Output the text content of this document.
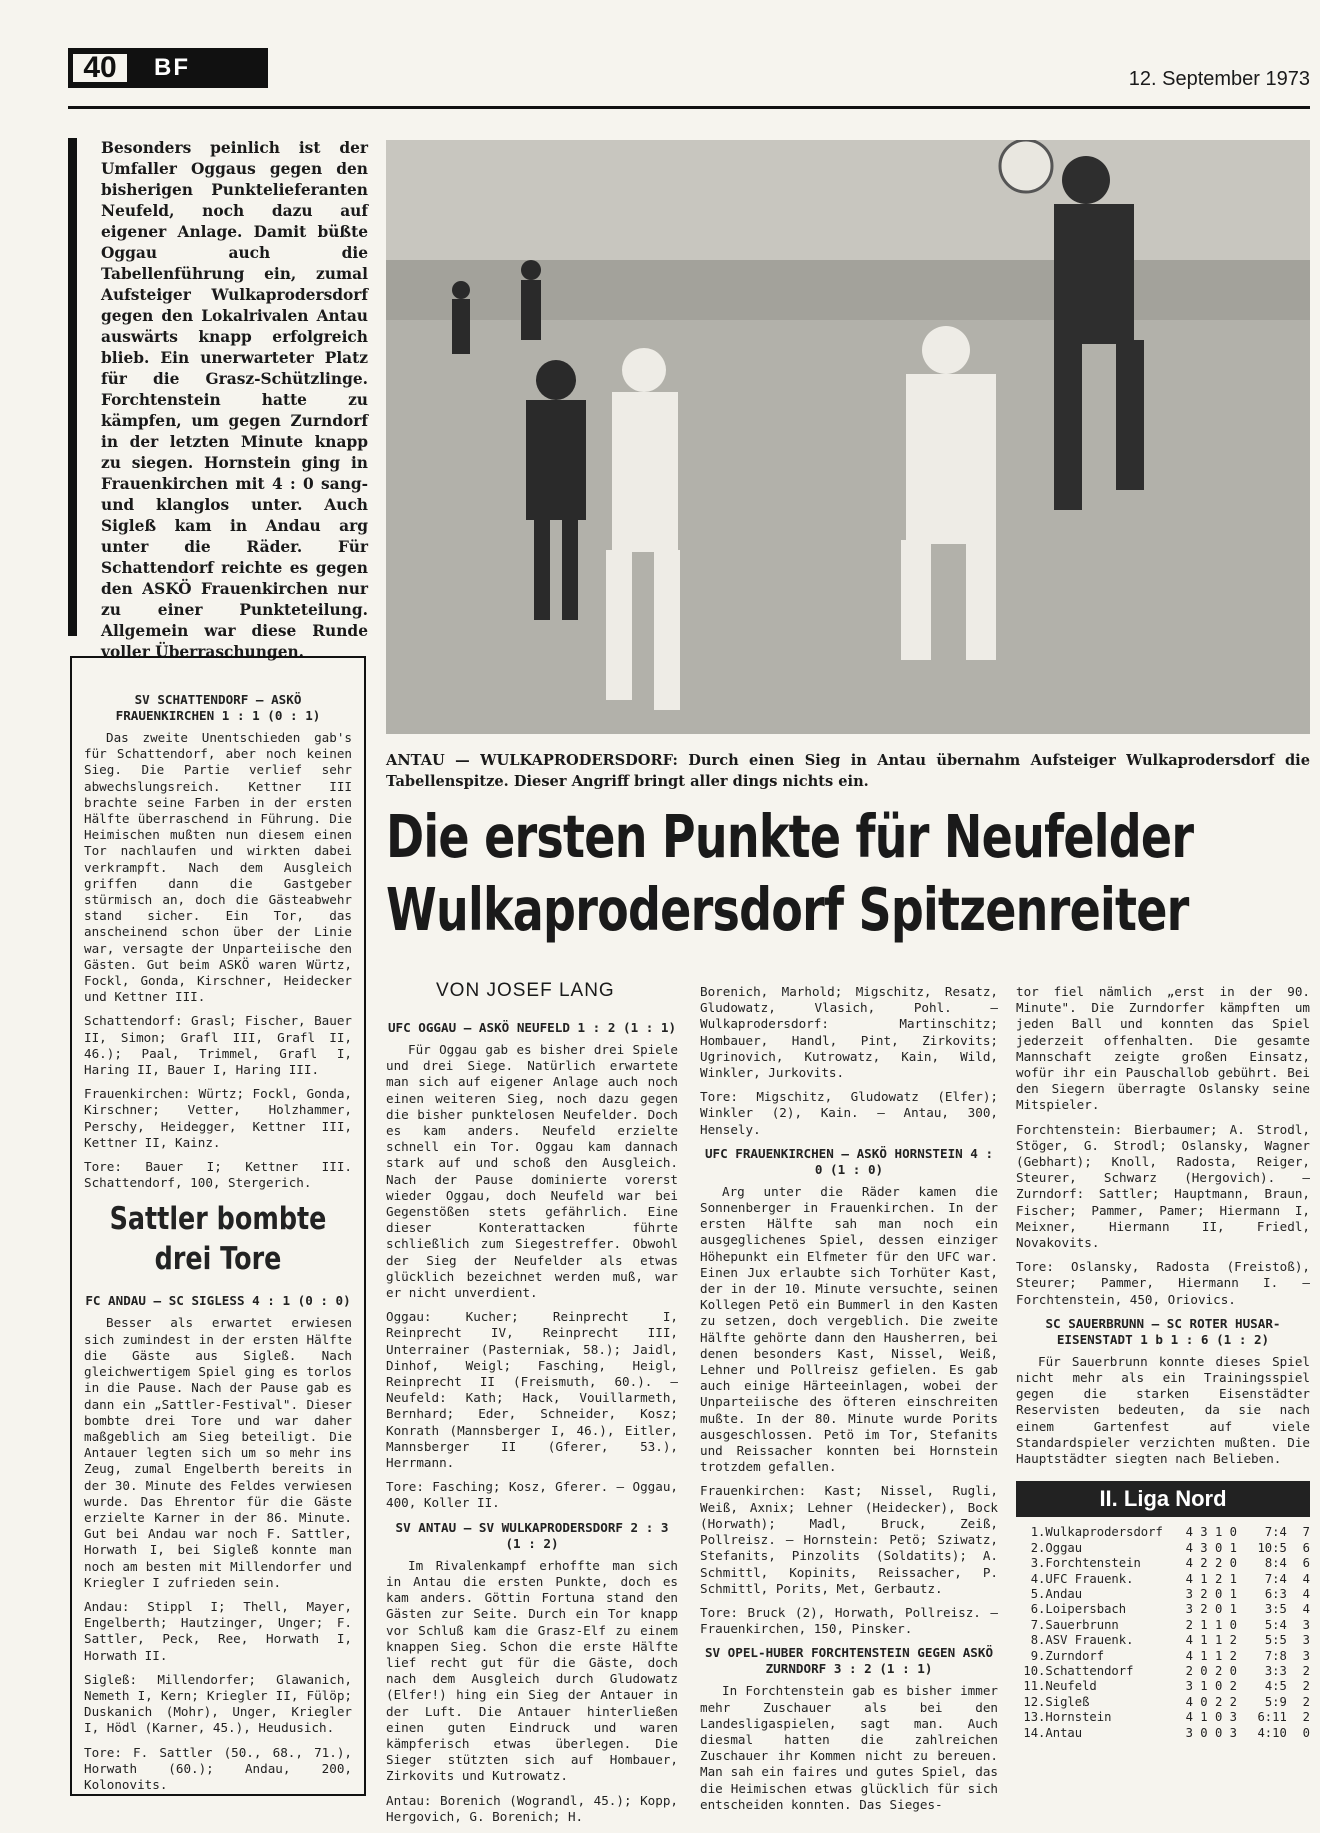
40	BF	12. September 1973
Besonders peinlich ist der Umfaller Oggaus gegen den bisherigen Punktelieferanten Neufeld, noch dazu auf eigener Anlage. Damit büßte Oggau auch die Tabellenführung ein, zumal Aufsteiger Wulkaprodersdorf gegen den Lokalrivalen Antau auswärts knapp erfolgreich blieb. Ein unerwarteter Platz für die Grasz-Schützlinge. Forchtenstein hatte zu kämpfen, um gegen Zurndorf in der letzten Minute knapp zu siegen. Hornstein ging in Frauenkirchen mit 4 : 0 sang- und klanglos unter. Auch Sigleß kam in Andau arg unter die Räder. Für Schattendorf reichte es gegen den ASKÖ Frauenkirchen nur zu einer Punkteteilung. Allgemein war diese Runde voller Überraschungen.
ANTAU — WULKAPRODERSDORF: Durch einen Sieg in Antau übernahm Aufsteiger Wulkaprodersdorf die Tabellenspitze. Dieser Angriff bringt aller dings nichts ein.
Die ersten Punkte für Neufelder
Wulkaprodersdorf Spitzenreiter
VON JOSEF LANG
SV SCHATTENDORF — ASKÖ FRAUENKIRCHEN 1 : 1 (0 : 1)

Das zweite Unentschieden gab's für Schattendorf, aber noch keinen Sieg. Die Partie verlief sehr abwechslungsreich. Kettner III brachte seine Farben in der ersten Hälfte überraschend in Führung. Die Heimischen mußten nun diesem einen Tor nachlaufen und wirkten dabei verkrampft. Nach dem Ausgleich griffen dann die Gastgeber stürmisch an, doch die Gästeabwehr stand sicher. Ein Tor, das anscheinend schon über der Linie war, versagte der Unparteiische den Gästen. Gut beim ASKÖ waren Würtz, Fockl, Gonda, Kirschner, Heidecker und Kettner III.

Schattendorf: Grasl; Fischer, Bauer II, Simon; Grafl III, Grafl II, 46.); Paal, Trimmel, Grafl I, Haring II, Bauer I, Haring III.

Frauenkirchen: Würtz; Fockl, Gonda, Kirschner; Vetter, Holzhammer, Perschy, Heidegger, Kettner III, Kettner II, Kainz.

Tore: Bauer I; Kettner III. Schattendorf, 100, Stergerich.

Sattler bombte drei Tore
FC ANDAU — SC SIGLESS 4 : 1 (0 : 0)

Besser als erwartet erwiesen sich zumindest in der ersten Hälfte die Gäste aus Sigleß. Nach gleichwertigem Spiel ging es torlos in die Pause. Nach der Pause gab es dann ein „Sattler-Festival". Dieser bombte drei Tore und war daher maßgeblich am Sieg beteiligt. Die Antauer legten sich um so mehr ins Zeug, zumal Engelberth bereits in der 30. Minute des Feldes verwiesen wurde. Das Ehrentor für die Gäste erzielte Karner in der 86. Minute. Gut bei Andau war noch F. Sattler, Horwath I, bei Sigleß konnte man noch am besten mit Millendorfer und Kriegler I zufrieden sein.

Andau: Stippl I; Thell, Mayer, Engelberth; Hautzinger, Unger; F. Sattler, Peck, Ree, Horwath I, Horwath II.

Sigleß: Millendorfer; Glawanich, Nemeth I, Kern; Kriegler II, Fülöp; Duskanich (Mohr), Unger, Kriegler I, Hödl (Karner, 45.), Heudusich.

Tore: F. Sattler (50., 68., 71.), Horwath (60.); Andau, 200, Kolonovits.

UFC OGGAU — ASKÖ NEUFELD 1 : 2 (1 : 1)

Für Oggau gab es bisher drei Spiele und drei Siege. Natürlich erwartete man sich auf eigener Anlage auch noch einen weiteren Sieg, noch dazu gegen die bisher punktelosen Neufelder. Doch es kam anders. Neufeld erzielte schnell ein Tor. Oggau kam dannach stark auf und schoß den Ausgleich. Nach der Pause dominierte vorerst wieder Oggau, doch Neufeld war bei Gegenstößen stets gefährlich. Eine dieser Konterattacken führte schließlich zum Siegestreffer. Obwohl der Sieg der Neufelder als etwas glücklich bezeichnet werden muß, war er nicht unverdient.

Oggau: Kucher; Reinprecht I, Reinprecht IV, Reinprecht III, Unterrainer (Pasterniak, 58.); Jaidl, Dinhof, Weigl; Fasching, Heigl, Reinprecht II (Freismuth, 60.). — Neufeld: Kath; Hack, Vouillarmeth, Bernhard; Eder, Schneider, Kosz; Konrath (Mannsberger I, 46.), Eitler, Mannsberger II (Gferer, 53.), Herrmann.

Tore: Fasching; Kosz, Gferer. — Oggau, 400, Koller II.

SV ANTAU — SV WULKAPRODERSDORF 2 : 3 (1 : 2)

Im Rivalenkampf erhoffte man sich in Antau die ersten Punkte, doch es kam anders. Göttin Fortuna stand den Gästen zur Seite. Durch ein Tor knapp vor Schluß kam die Grasz-Elf zu einem knappen Sieg. Schon die erste Hälfte lief recht gut für die Gäste, doch nach dem Ausgleich durch Gludowatz (Elfer!) hing ein Sieg der Antauer in der Luft. Die Antauer hinterließen einen guten Eindruck und waren kämpferisch etwas überlegen. Die Sieger stützten sich auf Hombauer, Zirkovits und Kutrowatz.

Antau: Borenich (Wograndl, 45.); Kopp, Hergovich, G. Borenich; H.

Borenich, Marhold; Migschitz, Resatz, Gludowatz, Vlasich, Pohl. — Wulkaprodersdorf: Martinschitz; Hombauer, Handl, Pint, Zirkovits; Ugrinovich, Kutrowatz, Kain, Wild, Winkler, Jurkovits.

Tore: Migschitz, Gludowatz (Elfer); Winkler (2), Kain. — Antau, 300, Hensely.

UFC FRAUENKIRCHEN — ASKÖ HORNSTEIN 4 : 0 (1 : 0)

Arg unter die Räder kamen die Sonnenberger in Frauenkirchen. In der ersten Hälfte sah man noch ein ausgeglichenes Spiel, dessen einziger Höhepunkt ein Elfmeter für den UFC war. Einen Jux erlaubte sich Torhüter Kast, der in der 10. Minute versuchte, seinen Kollegen Petö ein Bummerl in den Kasten zu setzen, doch vergeblich. Die zweite Hälfte gehörte dann den Hausherren, bei denen besonders Kast, Nissel, Weiß, Lehner und Pollreisz gefielen. Es gab auch einige Härteeinlagen, wobei der Unparteiische des öfteren einschreiten mußte. In der 80. Minute wurde Porits ausgeschlossen. Petö im Tor, Stefanits und Reissacher konnten bei Hornstein trotzdem gefallen.

Frauenkirchen: Kast; Nissel, Rugli, Weiß, Axnix; Lehner (Heidecker), Bock (Horwath); Madl, Bruck, Zeiß, Pollreisz. — Hornstein: Petö; Sziwatz, Stefanits, Pinzolits (Soldatits); A. Schmittl, Kopinits, Reissacher, P. Schmittl, Porits, Met, Gerbautz.

Tore: Bruck (2), Horwath, Pollreisz. — Frauenkirchen, 150, Pinsker.

SV OPEL-HUBER FORCHTENSTEIN GEGEN ASKÖ ZURNDORF 3 : 2 (1 : 1)

In Forchtenstein gab es bisher immer mehr Zuschauer als bei den Landesligaspielen, sagt man. Auch diesmal hatten die zahlreichen Zuschauer ihr Kommen nicht zu bereuen. Man sah ein faires und gutes Spiel, das die Heimischen etwas glücklich für sich entscheiden konnten. Das Sieges-

tor fiel nämlich „erst in der 90. Minute". Die Zurndorfer kämpften um jeden Ball und konnten das Spiel jederzeit offenhalten. Die gesamte Mannschaft zeigte großen Einsatz, wofür ihr ein Pauschallob gebührt. Bei den Siegern überragte Oslansky seine Mitspieler.

Forchtenstein: Bierbaumer; A. Strodl, Stöger, G. Strodl; Oslansky, Wagner (Gebhart); Knoll, Radosta, Reiger, Steurer, Schwarz (Hergovich). — Zurndorf: Sattler; Hauptmann, Braun, Fischer; Pammer, Pamer; Hiermann I, Meixner, Hiermann II, Friedl, Novakovits.

Tore: Oslansky, Radosta (Freistoß), Steurer; Pammer, Hiermann I. — Forchtenstein, 450, Oriovics.

SC SAUERBRUNN — SC ROTER HUSAR-EISENSTADT 1 b 1 : 6 (1 : 2)

Für Sauerbrunn konnte dieses Spiel nicht mehr als ein Trainingsspiel gegen die starken Eisenstädter Reservisten bedeuten, da sie nach einem Gartenfest auf viele Standardspieler verzichten mußten. Die Hauptstädter siegten nach Belieben.

II. Liga Nord
1.	Wulkaprodersdorf	4	3	1	0	7:4	7
2.	Oggau	4	3	0	1	10:5	6
3.	Forchtenstein	4	2	2	0	8:4	6
4.	UFC Frauenk.	4	1	2	1	7:4	4
5.	Andau	3	2	0	1	6:3	4
6.	Loipersbach	3	2	0	1	3:5	4
7.	Sauerbrunn	2	1	1	0	5:4	3
8.	ASV Frauenk.	4	1	1	2	5:5	3
9.	Zurndorf	4	1	1	2	7:8	3
10.	Schattendorf	2	0	2	0	3:3	2
11.	Neufeld	3	1	0	2	4:5	2
12.	Sigleß	4	0	2	2	5:9	2
13.	Hornstein	4	1	0	3	6:11	2
14.	Antau	3	0	0	3	4:10	0
